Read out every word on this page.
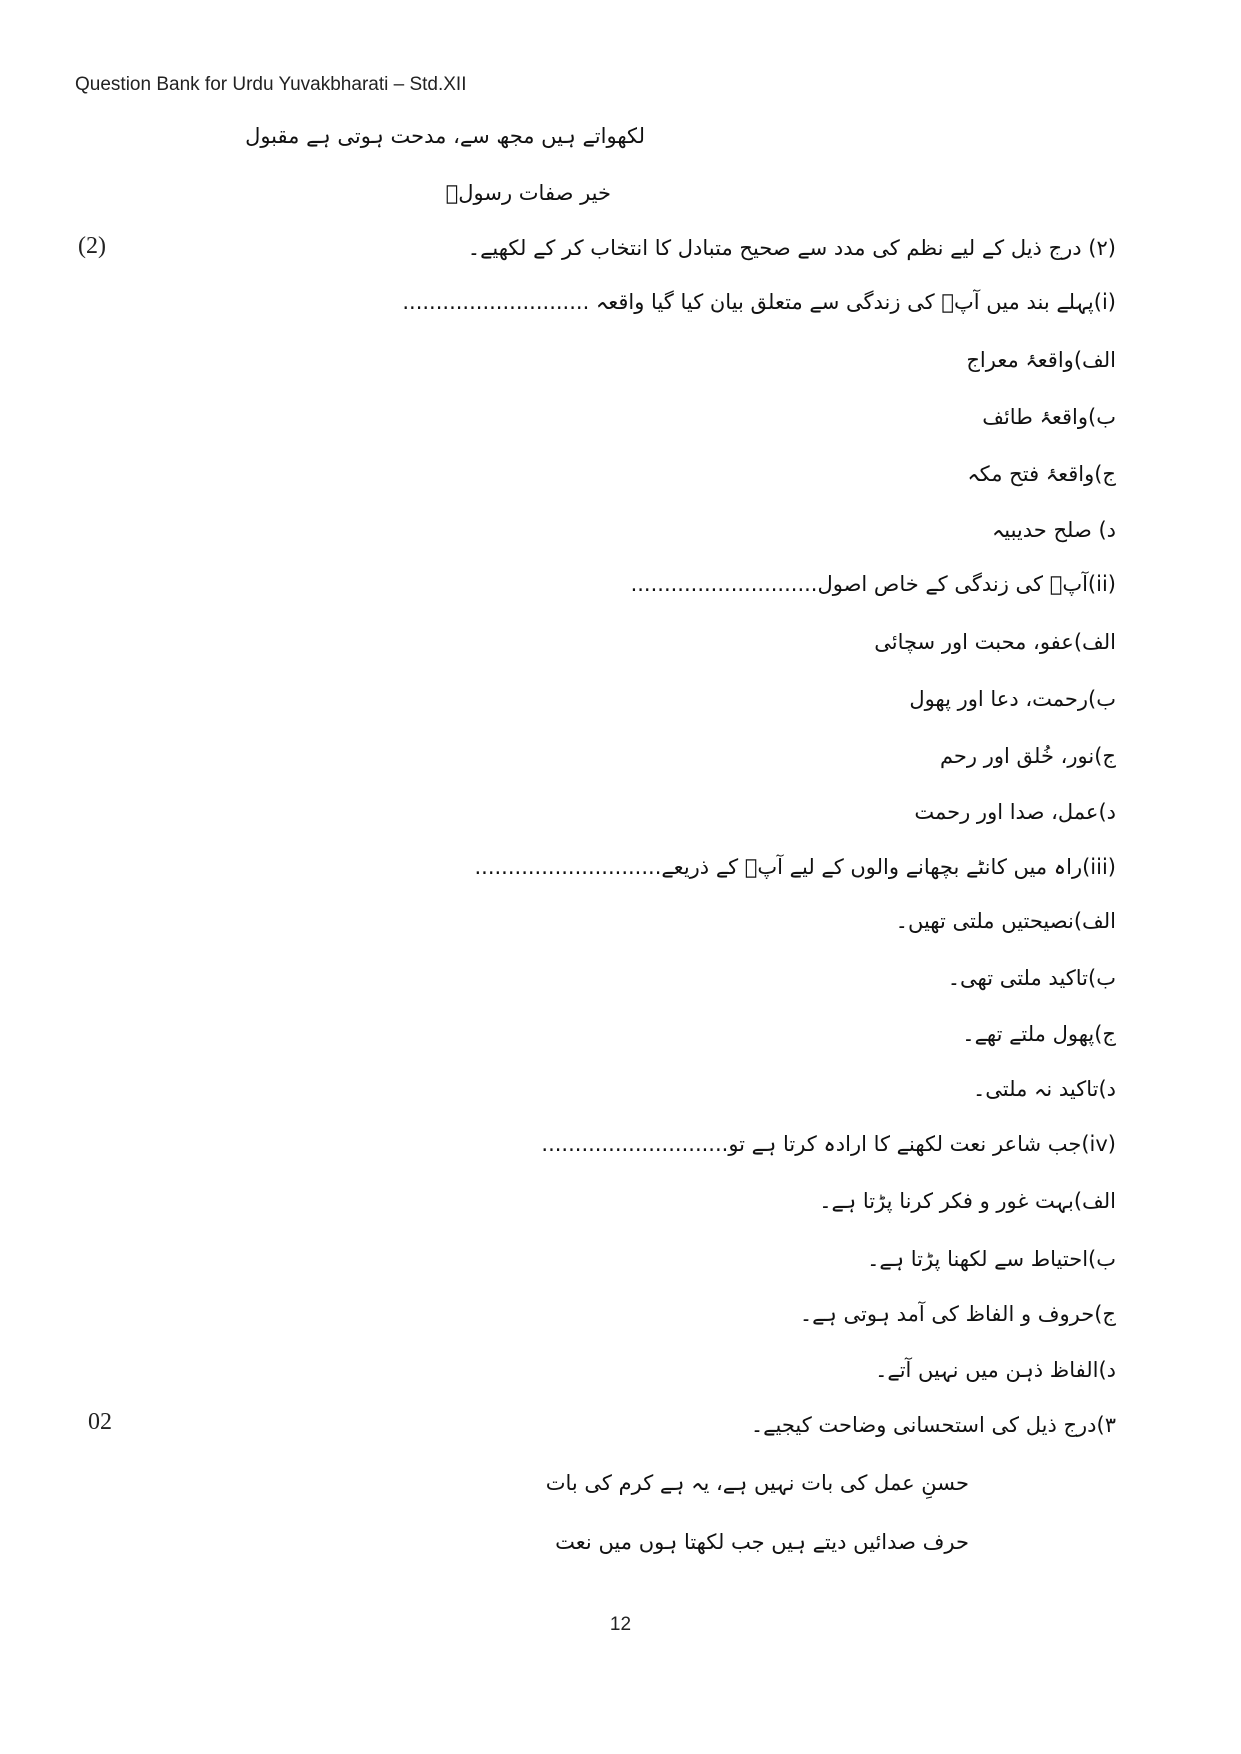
Question Bank for Urdu Yuvakbharati – Std.XII
لکھواتے ہیں مجھ سے، مدحت ہوتی ہے مقبول
خیر صفات رسولؐ
(2)	(۲) درج ذیل کے لیے نظم کی مدد سے صحیح متبادل کا انتخاب کر کے لکھیے۔
(i)پہلے بند میں آپؐ کی زندگی سے متعلق بیان کیا گیا واقعہ ............................
الف)واقعۂ معراج
ب)واقعۂ طائف
ج)واقعۂ فتح مکہ
د) صلح حدیبیہ
(ii)آپؐ کی زندگی کے خاص اصول............................
الف)عفو، محبت اور سچائی
ب)رحمت، دعا اور پھول
ج)نور، خُلق اور رحم
د)عمل، صدا اور رحمت
(iii)راہ میں کانٹے بچھانے والوں کے لیے آپؐ کے ذریعے............................
الف)نصیحتیں ملتی تھیں۔
ب)تاکید ملتی تھی۔
ج)پھول ملتے تھے۔
د)تاکید نہ ملتی۔
(iv)جب شاعر نعت لکھنے کا ارادہ کرتا ہے تو............................
الف)بہت غور و فکر کرنا پڑتا ہے۔
ب)احتیاط سے لکھنا پڑتا ہے۔
ج)حروف و الفاظ کی آمد ہوتی ہے۔
د)الفاظ ذہن میں نہیں آتے۔
02	۳)درج ذیل کی استحسانی وضاحت کیجیے۔
حسنِ عمل کی بات نہیں ہے، یہ ہے کرم کی بات
حرف صدائیں دیتے ہیں جب لکھتا ہوں میں نعت
12
